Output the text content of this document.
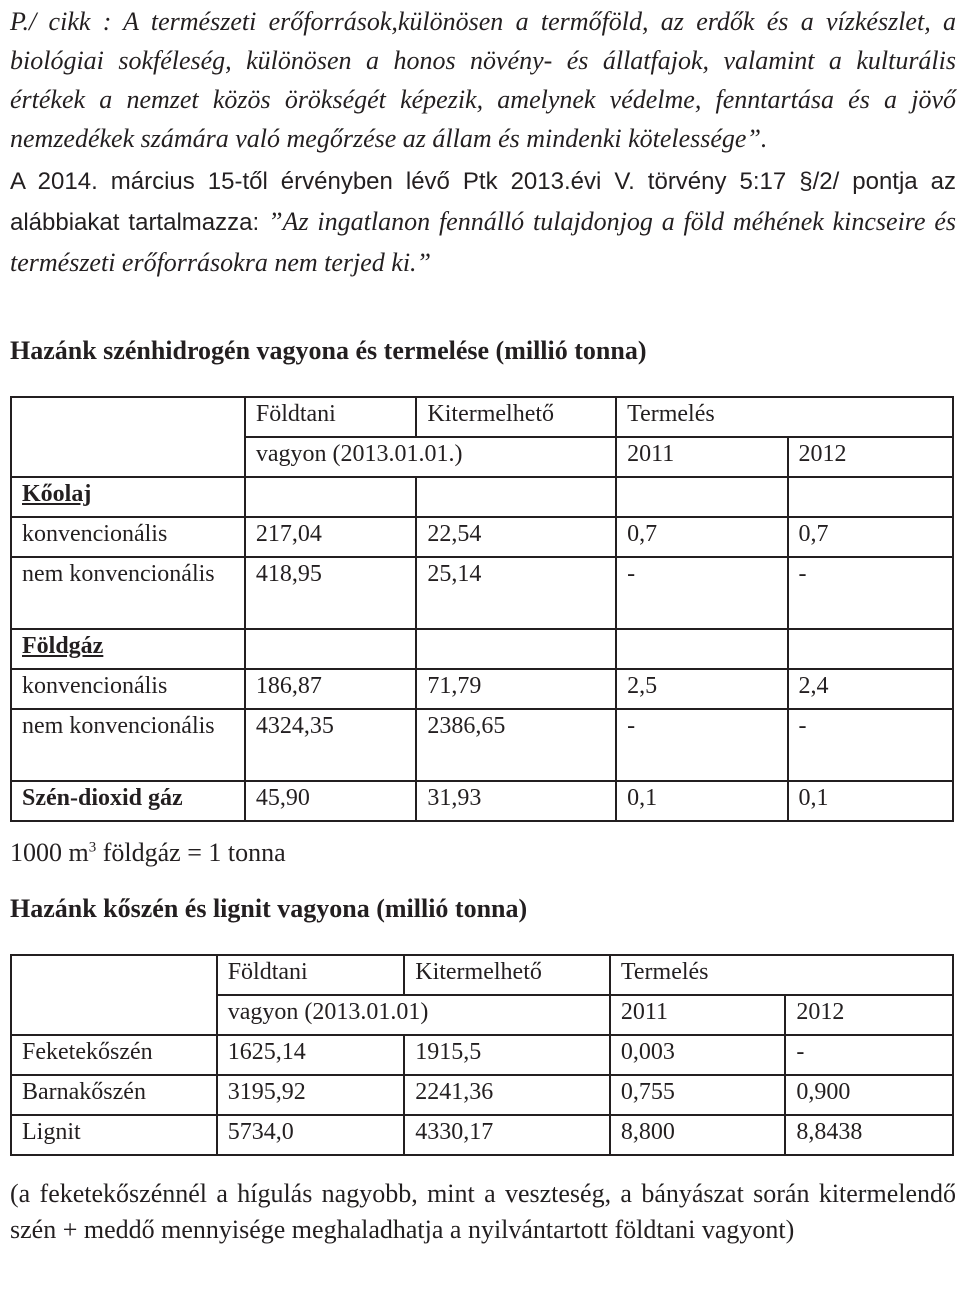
P./ cikk : A természeti erőforrások,különösen a termőföld, az erdők és a vízkészlet, a biológiai sokféleség, különösen a honos növény- és állatfajok, valamint a kulturális értékek a nemzet közös örökségét képezik, amelynek védelme, fenntartása és a jövő nemzedékek számára való megőrzése az állam és mindenki kötelessége”.

A 2014. március 15-től érvényben lévő Ptk 2013.évi V. törvény 5:17 §/2/ pontja az alábbiakat tartalmazza: ”Az ingatlanon fennálló tulajdonjog a föld méhének kincseire és természeti erőforrásokra nem terjed ki.”

Hazánk szénhidrogén vagyona és termelése (millió tonna)
	Földtani	Kitermelhető	Termelés	
	vagyon (2013.01.01.)		2011	2012
Kőolaj				
konvencionális	217,04	22,54	0,7	0,7
nem konvencionális	418,95	25,14	-	-
Földgáz				
konvencionális	186,87	71,79	2,5	2,4
nem konvencionális	4324,35	2386,65	-	-
Szén-dioxid gáz	45,90	31,93	0,1	0,1
1000 $m^3$ földgáz = 1 tonna
Hazánk kőszén és lignit vagyona (millió tonna)
	Földtani	Kitermelhető	Termelés	
	vagyon (2013.01.01)		2011	2012
Feketekőszén	1625,14	1915,5	0,003	-
Barnakőszén	3195,92	2241,36	0,755	0,900
Lignit	5734,0	4330,17	8,800	8,8438

(a feketekőszénnél a hígulás nagyobb, mint a veszteség, a bányászat során kitermelendő szén + meddő mennyisége meghaladhatja a nyilvántartott földtani vagyont)
